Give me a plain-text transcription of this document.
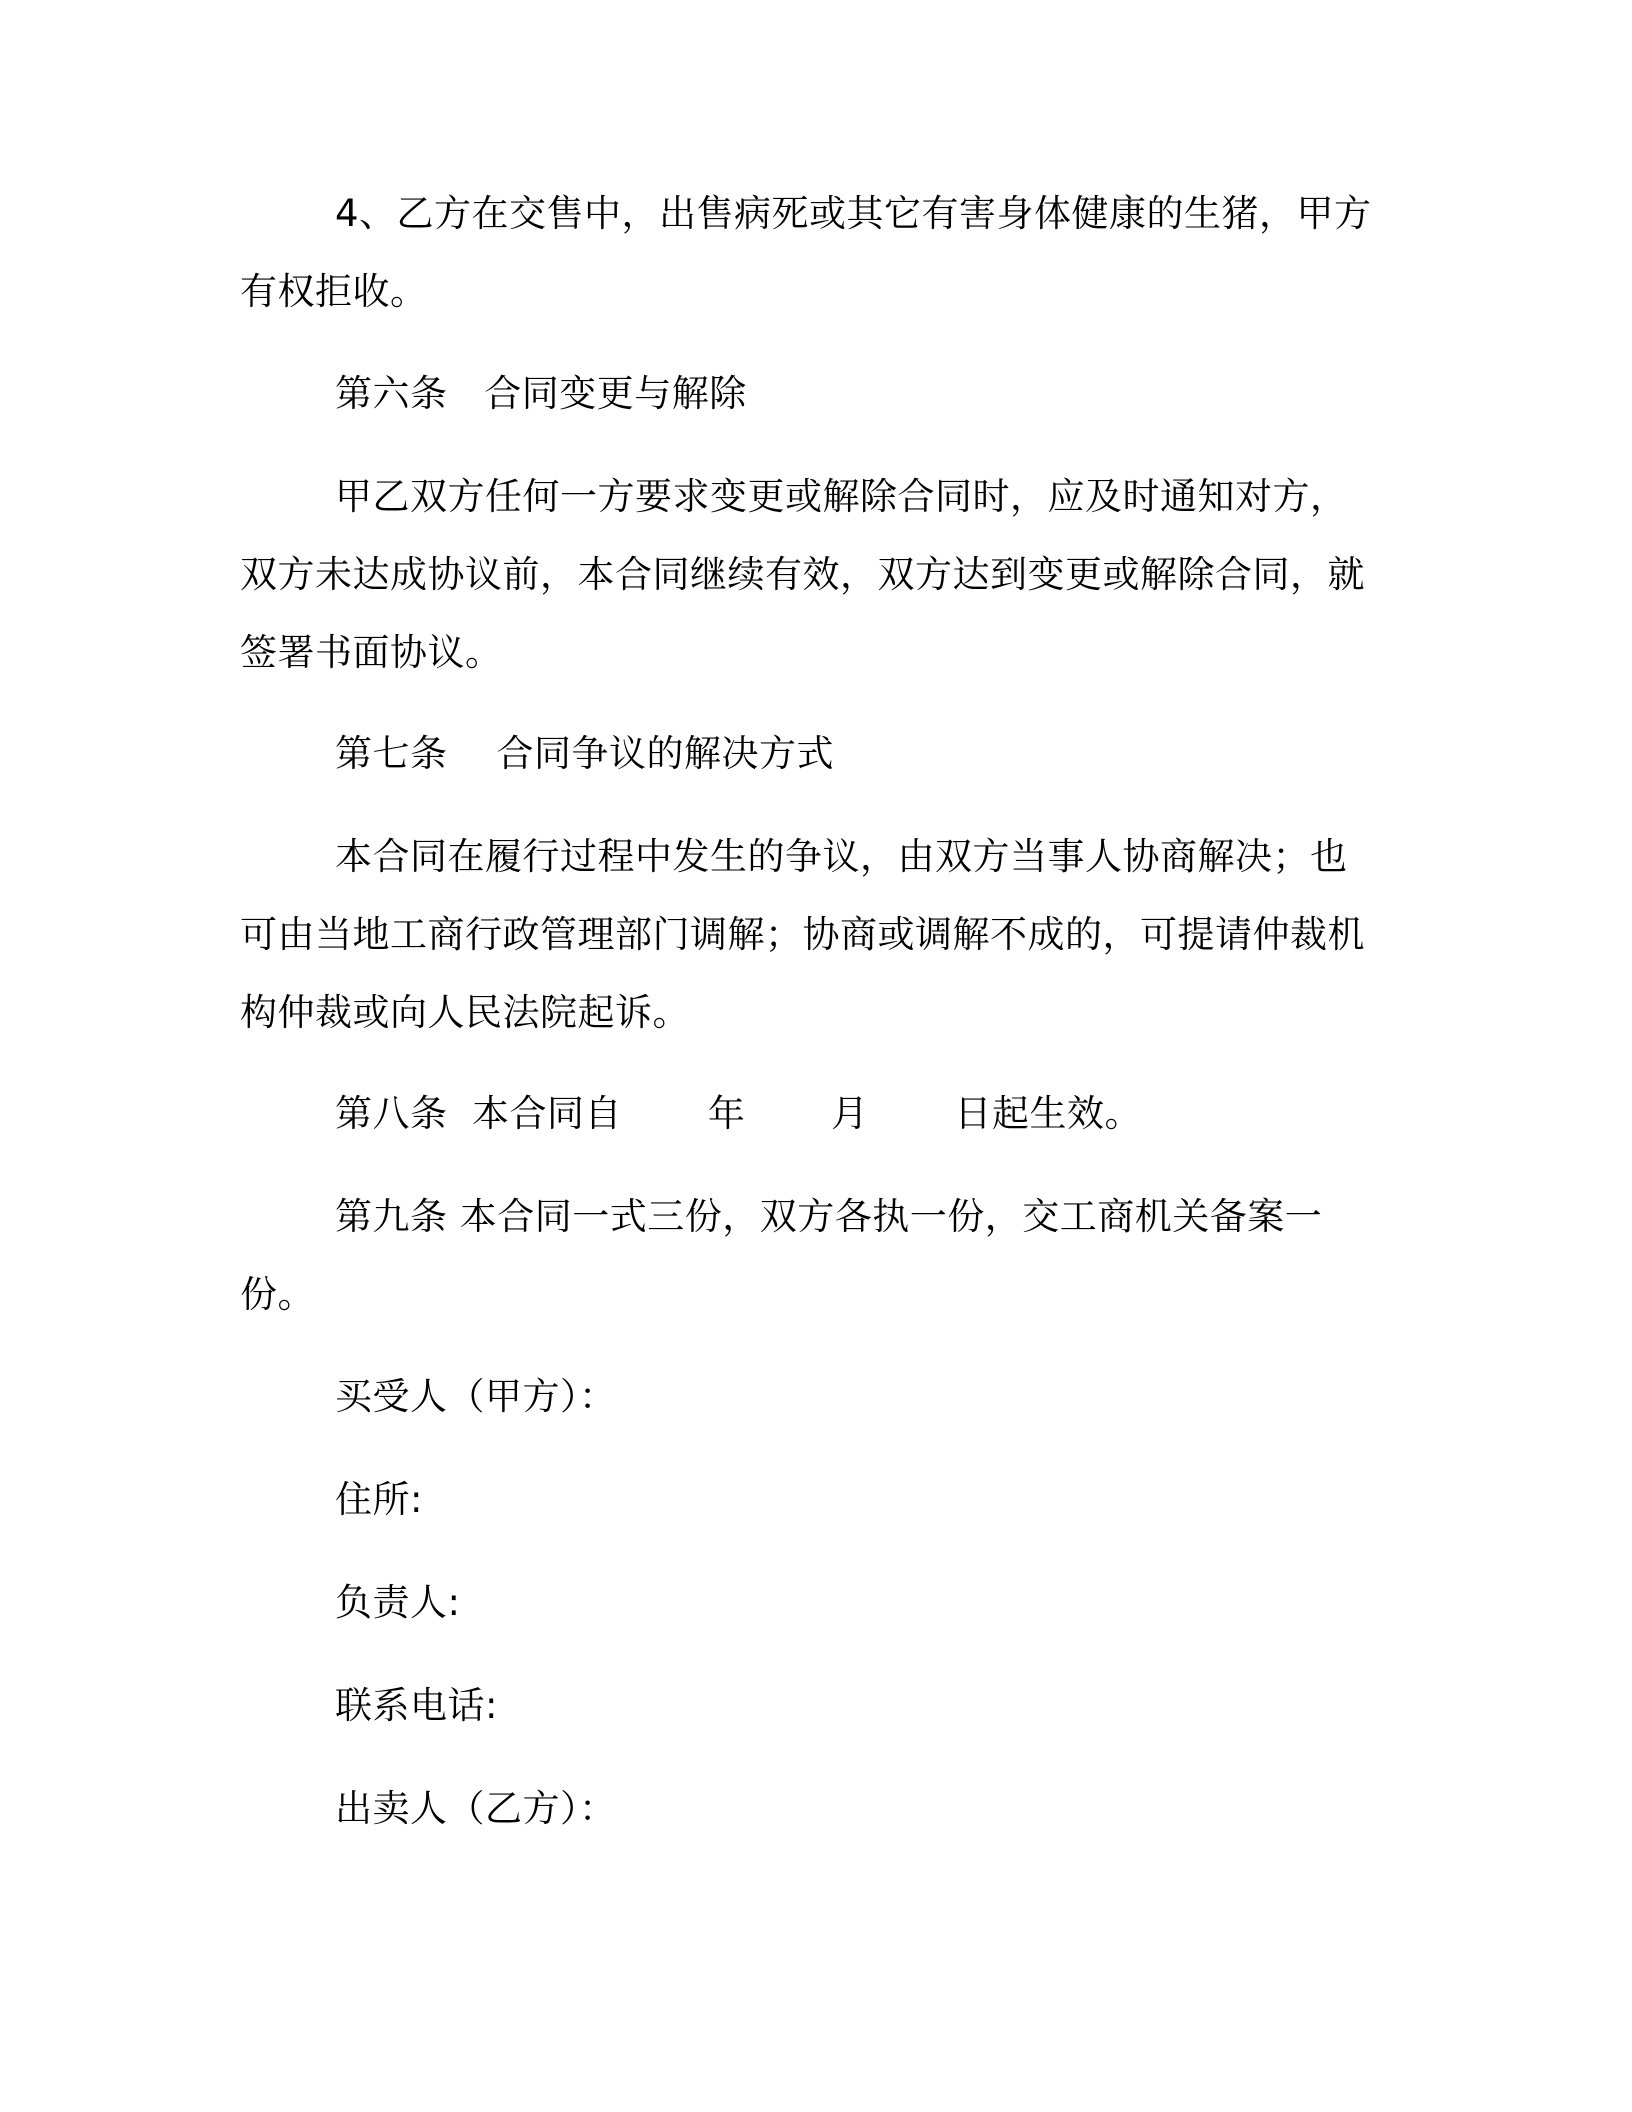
4、乙方在交售中，出售病死或其它有害身体健康的生猪，甲方有权拒收。

第六条   合同变更与解除

甲乙双方任何一方要求变更或解除合同时，应及时通知对方，双方未达成协议前，本合同继续有效，双方达到变更或解除合同，就签署书面协议。

第七条    合同争议的解决方式

本合同在履行过程中发生的争议，由双方当事人协商解决；也可由当地工商行政管理部门调解；协商或调解不成的，可提请仲裁机构仲裁或向人民法院起诉。

第八条  本合同自       年       月       日起生效。

第九条 本合同一式三份，双方各执一份，交工商机关备案一份。

买受人（甲方）：

住所:

负责人:

联系电话:

出卖人（乙方）：
